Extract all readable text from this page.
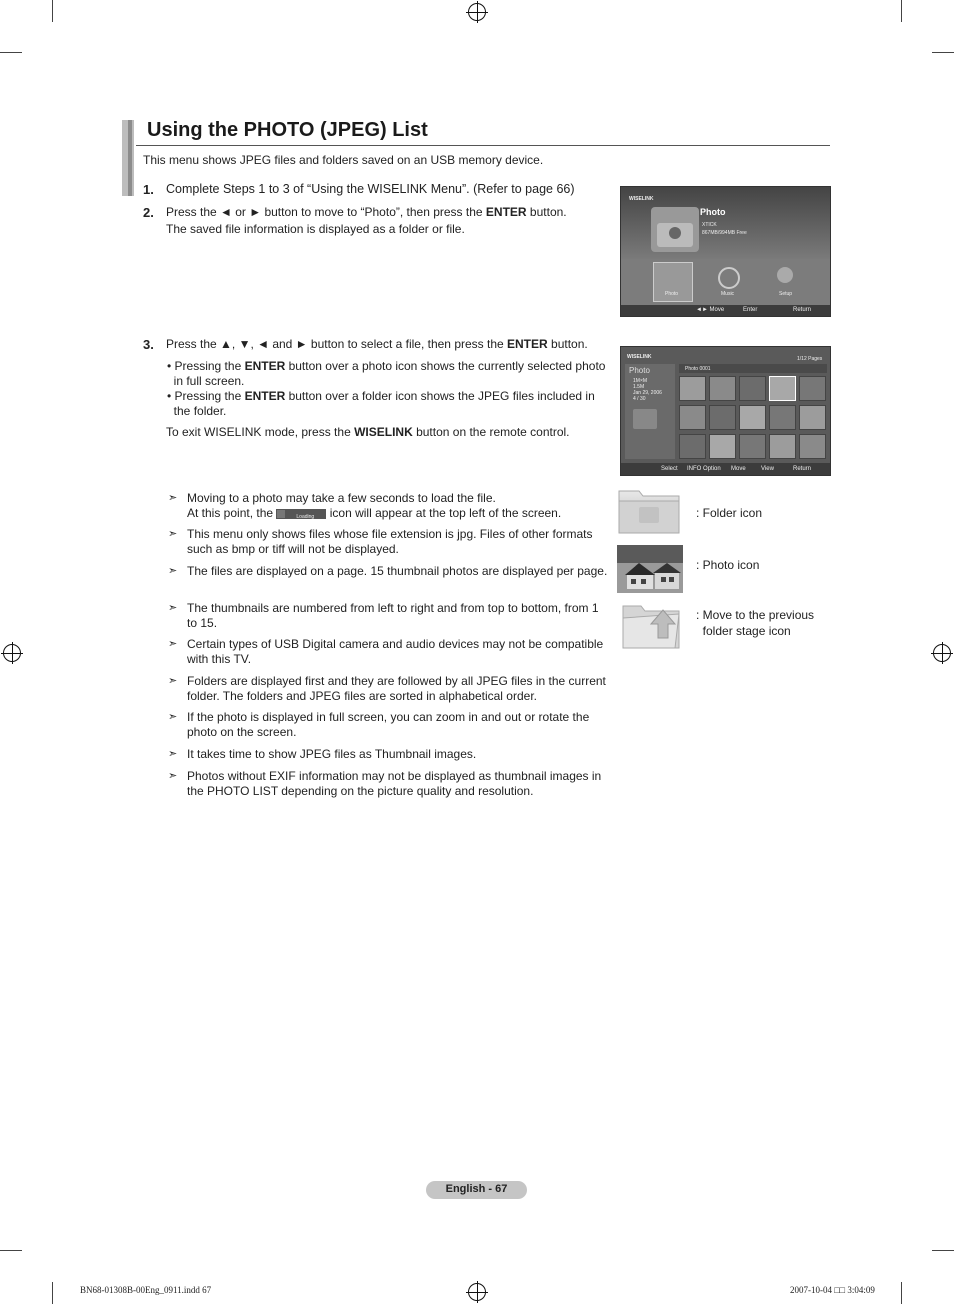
Using the PHOTO (JPEG) List
This menu shows JPEG files and folders saved on an USB memory device.
1. Complete Steps 1 to 3 of “Using the WISELINK Menu”. (Refer to page 66)
2. Press the ◄ or ► button to move to “Photo”, then press the ENTER button.
The saved file information is displayed as a folder or file.
WISELINK
Photo
XTICK
867MB/994MB Free
Photo	Music	Setup
◄► Move	Enter	Return
3. Press the ▲, ▼, ◄ and ► button to select a file, then press the ENTER button.
• Pressing the ENTER button over a photo icon shows the currently selected photo
in full screen.
• Pressing the ENTER button over a folder icon shows the JPEG files included in
the folder.
To exit WISELINK mode, press the WISELINK button on the remote control.
WISELINK	1/12 Pages
Photo
1M×M
1.5M
Jan 29, 2006
4 / 30
Photo 0001
Select INFO Option Move	View	Return
➣ Moving to a photo may take a few seconds to load the file.
At this point, the	Loading icon will appear at the top left of the screen.
➣ This menu only shows files whose file extension is jpg. Files of other formats such as bmp or tiff will not be displayed.
➣ The files are displayed on a page. 15 thumbnail photos are displayed per page.
➣ The thumbnails are numbered from left to right and from top to bottom, from 1 to 15.
➣ Certain types of USB Digital camera and audio devices may not be compatible with this TV.
➣ Folders are displayed first and they are followed by all JPEG files in the current folder. The folders and JPEG files are sorted in alphabetical order.
➣ If the photo is displayed in full screen, you can zoom in and out or rotate the photo on the screen.
➣ It takes time to show JPEG files as Thumbnail images.
➣ Photos without EXIF information may not be displayed as thumbnail images in the PHOTO LIST depending on the picture quality and resolution.
: Folder icon
: Photo icon
: Move to the previous
folder stage icon
English - 67
BN68-01308B-00Eng_0911.indd 67	2007-10-04 □□ 3:04:09
